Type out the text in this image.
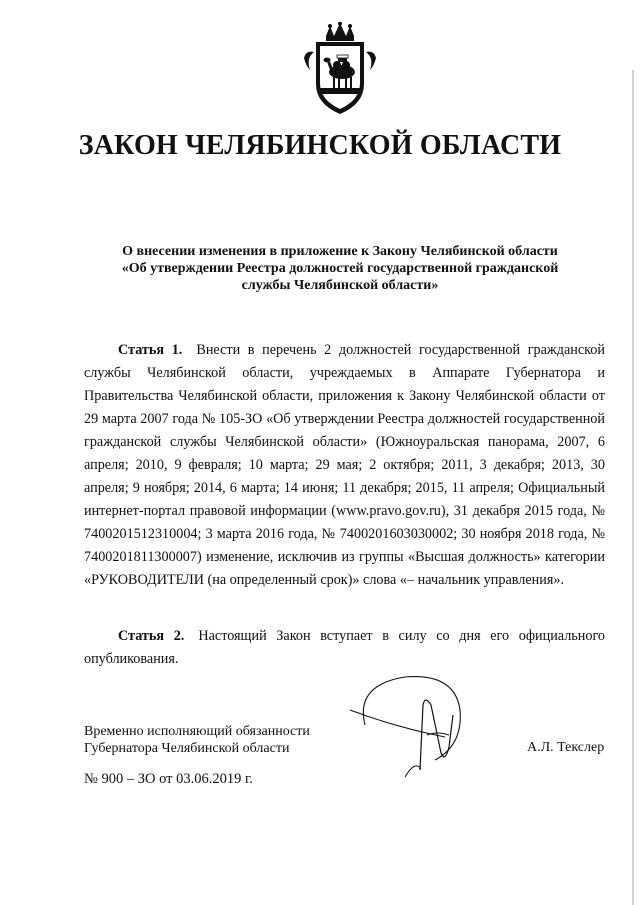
ЗАКОН ЧЕЛЯБИНСКОЙ ОБЛАСТИ
О внесении изменения в приложение к Закону Челябинской области
«Об утверждении Реестра должностей государственной гражданской
службы Челябинской области»
Статья 1. Внести в перечень 2 должностей государственной гражданской службы Челябинской области, учреждаемых в Аппарате Губернатора и Правительства Челябинской области, приложения к Закону Челябинской области от 29 марта 2007 года № 105-ЗО «Об утверждении Реестра должностей государственной гражданской службы Челябинской области» (Южноуральская панорама, 2007, 6 апреля; 2010, 9 февраля; 10 марта; 29 мая; 2 октября; 2011, 3 декабря; 2013, 30 апреля; 9 ноября; 2014, 6 марта; 14 июня; 11 декабря; 2015, 11 апреля; Официальный интернет-портал правовой информации (www.pravo.gov.ru), 31 декабря 2015 года, № 7400201512310004; 3 марта 2016 года, № 7400201603030002; 30 ноября 2018 года, № 7400201811300007) изменение, исключив из группы «Высшая должность» категории «РУКОВОДИТЕЛИ (на определенный срок)» слова «– начальник управления».
Статья 2. Настоящий Закон вступает в силу со дня его официального опубликования.
Временно исполняющий обязанности
Губернатора Челябинской области	А.Л. Текслер
№ 900 – ЗО от 03.06.2019 г.
